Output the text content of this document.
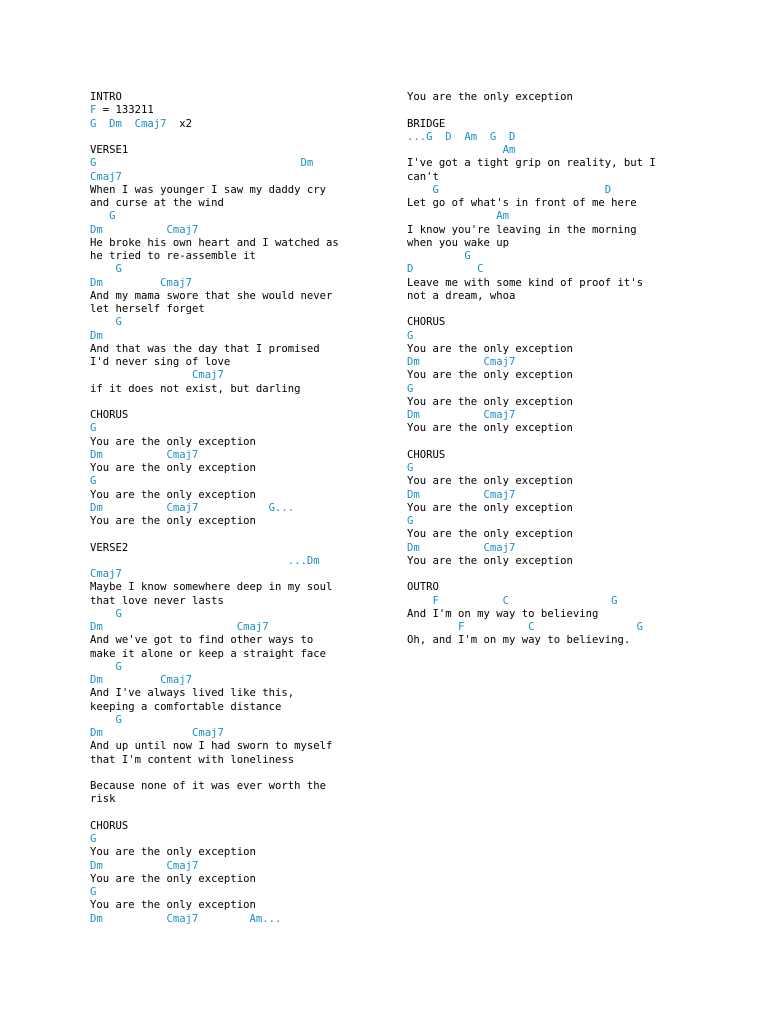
INTRO
F = 133211
G  Dm  Cmaj7  x2
VERSE1
G                                Dm
Cmaj7
When I was younger I saw my daddy cry
and curse at the wind
G
Dm          Cmaj7
He broke his own heart and I watched as
he tried to re-assemble it
G
Dm         Cmaj7
And my mama swore that she would never
let herself forget
G
Dm
And that was the day that I promised
I'd never sing of love
Cmaj7
if it does not exist, but darling
CHORUS
G
You are the only exception
Dm          Cmaj7
You are the only exception
G
You are the only exception
Dm          Cmaj7           G...
You are the only exception
VERSE2
...Dm
Cmaj7
Maybe I know somewhere deep in my soul
that love never lasts
G
Dm                     Cmaj7
And we've got to find other ways to
make it alone or keep a straight face
G
Dm         Cmaj7
And I've always lived like this,
keeping a comfortable distance
G
Dm              Cmaj7
And up until now I had sworn to myself
that I'm content with loneliness
Because none of it was ever worth the
risk
CHORUS
G
You are the only exception
Dm          Cmaj7
You are the only exception
G
You are the only exception
Dm          Cmaj7        Am...
You are the only exception
BRIDGE
...G  D  Am  G  D
Am
I've got a tight grip on reality, but I
can't
G                          D
Let go of what's in front of me here
Am
I know you're leaving in the morning
when you wake up
G
D          C
Leave me with some kind of proof it's
not a dream, whoa
CHORUS
G
You are the only exception
Dm          Cmaj7
You are the only exception
G
You are the only exception
Dm          Cmaj7
You are the only exception
CHORUS
G
You are the only exception
Dm          Cmaj7
You are the only exception
G
You are the only exception
Dm          Cmaj7
You are the only exception
OUTRO
F          C                G
And I'm on my way to believing
F          C                G
Oh, and I'm on my way to believing.
